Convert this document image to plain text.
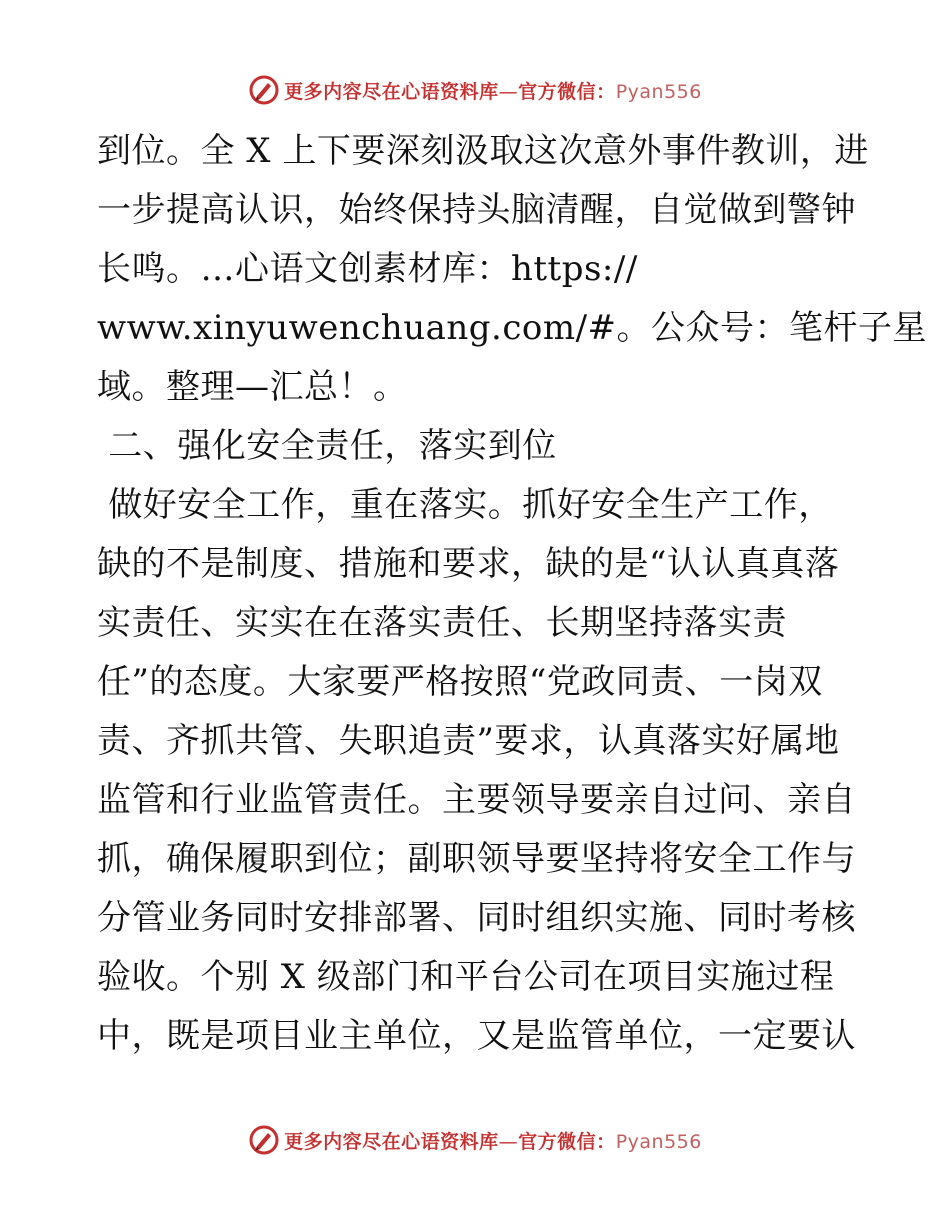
更多内容尽在心语资料库—官方微信：Pyan556
到位。全 X 上下要深刻汲取这次意外事件教训，进
一步提高认识，始终保持头脑清醒，自觉做到警钟
长鸣。…心语文创素材库：https://
www.xinyuwenchuang.com/#。公众号：笔杆子星
域。整理—汇总！。
二、强化安全责任，落实到位
做好安全工作，重在落实。抓好安全生产工作，
缺的不是制度、措施和要求，缺的是“认认真真落
实责任、实实在在落实责任、长期坚持落实责
任”的态度。大家要严格按照“党政同责、一岗双
责、齐抓共管、失职追责”要求，认真落实好属地
监管和行业监管责任。主要领导要亲自过问、亲自
抓，确保履职到位；副职领导要坚持将安全工作与
分管业务同时安排部署、同时组织实施、同时考核
验收。个别 X 级部门和平台公司在项目实施过程
中，既是项目业主单位，又是监管单位，一定要认
更多内容尽在心语资料库—官方微信：Pyan556
